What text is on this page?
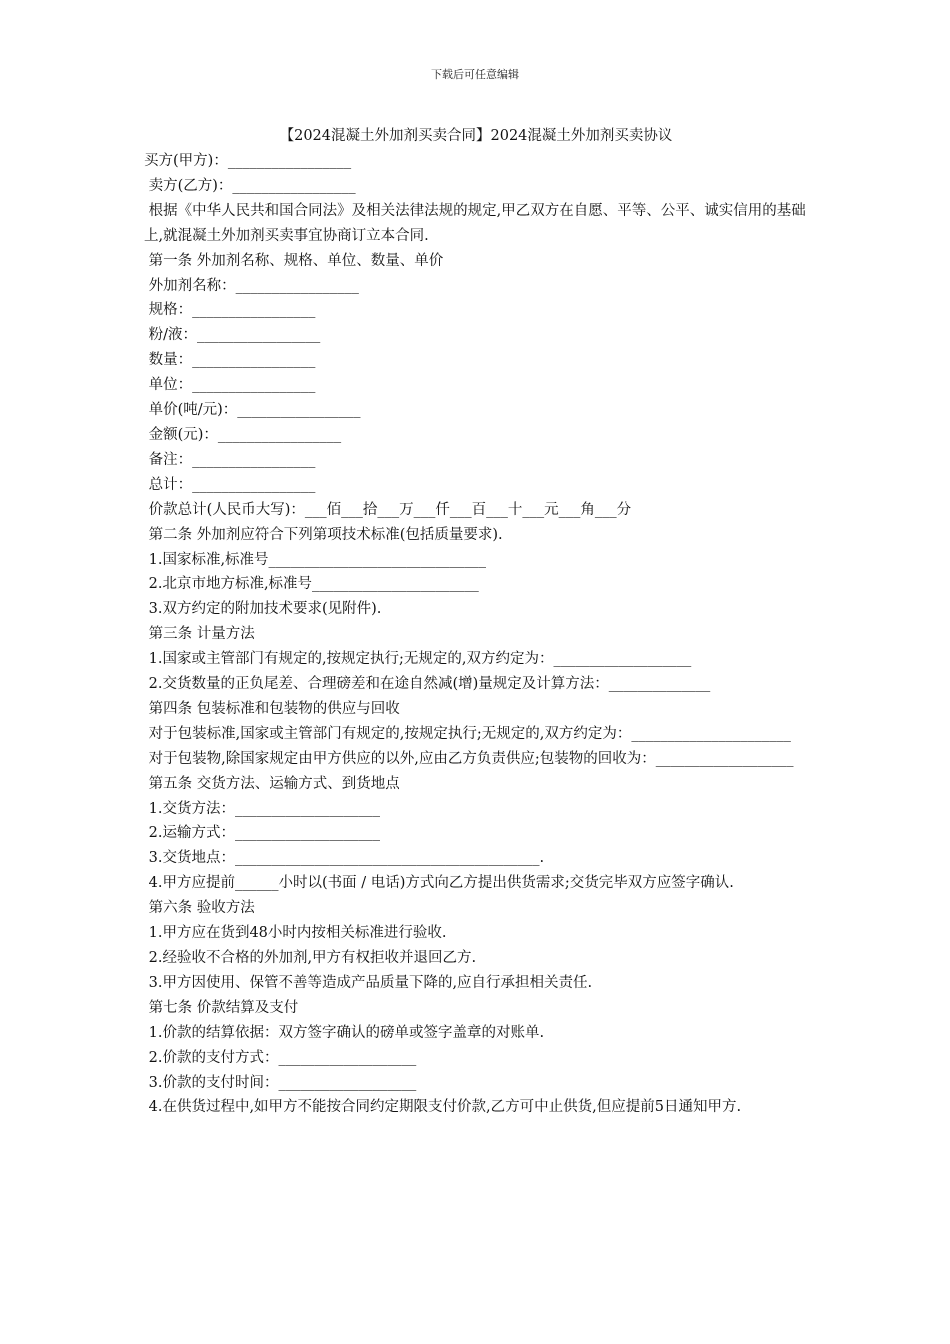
下载后可任意编辑
【2024混凝土外加剂买卖合同】2024混凝土外加剂买卖协议
买方(甲方)：_________________
卖方(乙方)：_________________
根据《中华人民共和国合同法》及相关法律法规的规定,甲乙双方在自愿、平等、公平、诚实信用的基础上,就混凝土外加剂买卖事宜协商订立本合同.
第一条 外加剂名称、规格、单位、数量、单价
外加剂名称：_________________
规格：_________________
粉/液：_________________
数量：_________________
单位：_________________
单价(吨/元)：_________________
金额(元)：_________________
备注：_________________
总计：_________________
价款总计(人民币大写)：___佰___拾___万___仟___百___十___元___角___分
第二条 外加剂应符合下列第项技术标准(包括质量要求).
1.国家标准,标准号______________________________
2.北京市地方标准,标准号_______________________
3.双方约定的附加技术要求(见附件).
第三条 计量方法
1.国家或主管部门有规定的,按规定执行;无规定的,双方约定为：___________________
2.交货数量的正负尾差、合理磅差和在途自然减(增)量规定及计算方法：______________
第四条 包装标准和包装物的供应与回收
对于包装标准,国家或主管部门有规定的,按规定执行;无规定的,双方约定为：______________________
对于包装物,除国家规定由甲方供应的以外,应由乙方负责供应;包装物的回收为：___________________
第五条 交货方法、运输方式、到货地点
1.交货方法：____________________
2.运输方式：____________________
3.交货地点：__________________________________________.
4.甲方应提前______小时以(书面 / 电话)方式向乙方提出供货需求;交货完毕双方应签字确认.
第六条 验收方法
1.甲方应在货到48小时内按相关标准进行验收.
2.经验收不合格的外加剂,甲方有权拒收并退回乙方.
3.甲方因使用、保管不善等造成产品质量下降的,应自行承担相关责任.
第七条 价款结算及支付
1.价款的结算依据：双方签字确认的磅单或签字盖章的对账单.
2.价款的支付方式：___________________
3.价款的支付时间：___________________
4.在供货过程中,如甲方不能按合同约定期限支付价款,乙方可中止供货,但应提前5日通知甲方.
